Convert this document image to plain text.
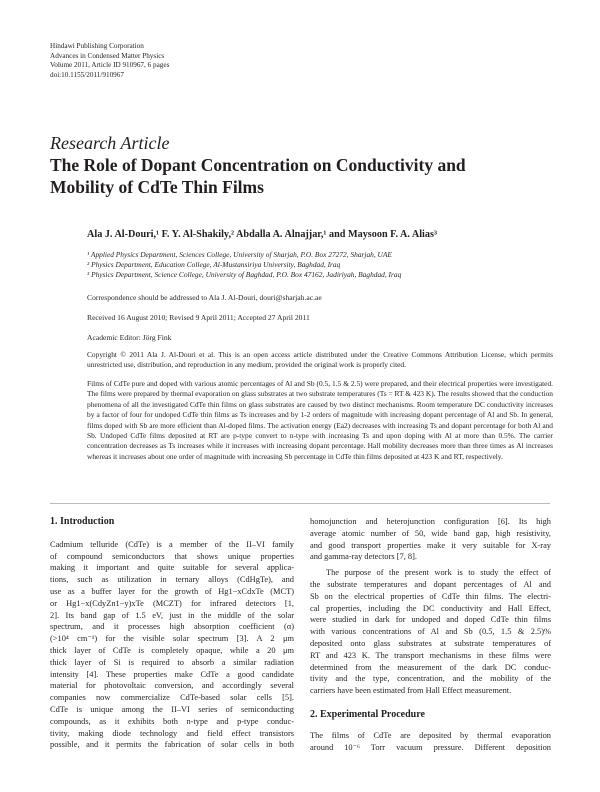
Hindawi Publishing Corporation
Advances in Condensed Matter Physics
Volume 2011, Article ID 910967, 6 pages
doi:10.1155/2011/910967
Research Article
The Role of Dopant Concentration on Conductivity and
Mobility of CdTe Thin Films
Ala J. Al-Douri,¹ F. Y. Al-Shakily,² Abdalla A. Alnajjar,¹ and Maysoon F. A. Alias³
¹ Applied Physics Department, Sciences College, University of Sharjah, P.O. Box 27272, Sharjah, UAE
² Physics Department, Education College, Al-Mustansiriya University, Baghdad, Iraq
³ Physics Department, Science College, University of Baghdad, P.O. Box 47162, Jadiriyah, Baghdad, Iraq
Correspondence should be addressed to Ala J. Al-Douri, douri@sharjah.ac.ae
Received 16 August 2010; Revised 9 April 2011; Accepted 27 April 2011
Academic Editor: Jörg Fink
Copyright © 2011 Ala J. Al-Douri et al. This is an open access article distributed under the Creative Commons Attribution License, which permits unrestricted use, distribution, and reproduction in any medium, provided the original work is properly cited.
Films of CdTe pure and doped with various atomic percentages of Al and Sb (0.5, 1.5 & 2.5) were prepared, and their electrical properties were investigated. The films were prepared by thermal evaporation on glass substrates at two substrate temperatures (Ts = RT & 423 K). The results showed that the conduction phenomena of all the investigated CdTe thin films on glass substrates are caused by two distinct mechanisms. Room temperature DC conductivity increases by a factor of four for undoped CdTe thin films as Ts increases and by 1-2 orders of magnitude with increasing dopant percentage of Al and Sb. In general, films doped with Sb are more efficient than Al-doped films. The activation energy (Ea2) decreases with increasing Ts and dopant percentage for both Al and Sb. Undoped CdTe films deposited at RT are p-type convert to n-type with increasing Ts and upon doping with Al at more than 0.5%. The carrier concentration decreases as Ts increases while it increases with increasing dopant percentage. Hall mobility decreases more than three times as Al increases whereas it increases about one order of magnitude with increasing Sb percentage in CdTe thin films deposited at 423 K and RT, respectively.
1. Introduction
Cadmium telluride (CdTe) is a member of the II–VI family
of compound semiconductors that shows unique properties
making it important and quite suitable for several applica-
tions, such as utilization in ternary alloys (CdHgTe), and
use as a buffer layer for the growth of Hg1−xCdxTe (MCT)
or Hg1−x(CdyZn1−y)xTe (MCZT) for infrared detectors [1,
2]. Its band gap of 1.5 eV, just in the middle of the solar
spectrum, and it processes high absorption coefficient (α)
(>10⁴ cm⁻¹) for the visible solar spectrum [3]. A 2 μm
thick layer of CdTe is completely opaque, while a 20 μm
thick layer of Si is required to absorb a similar radiation
intensity [4]. These properties make CdTe a good candidate
material for photovoltaic conversion, and accordingly several
companies now commercialize CdTe-based solar cells [5].
CdTe is unique among the II–VI series of semiconducting
compounds, as it exhibits both n-type and p-type conduc-
tivity, making diode technology and field effect transistors
possible, and it permits the fabrication of solar cells in both
homojunction and heterojunction configuration [6]. Its high
average atomic number of 50, wide band gap, high resistivity,
and good transport properties make it very suitable for X-ray
and gamma-ray detectors [7, 8].
The purpose of the present work is to study the effect of
the substrate temperatures and dopant percentages of Al and
Sb on the electrical properties of CdTe thin films. The electri-
cal properties, including the DC conductivity and Hall Effect,
were studied in dark for undoped and doped CdTe thin films
with various concentrations of Al and Sb (0.5, 1.5 & 2.5)%
deposited onto glass substrates at substrate temperatures of
RT and 423 K. The transport mechanisms in these films were
determined from the measurement of the dark DC conduc-
tivity and the type, concentration, and the mobility of the
carriers have been estimated from Hall Effect measurement.
2. Experimental Procedure
The films of CdTe are deposited by thermal evaporation
around 10⁻⁶ Torr vacuum pressure. Different deposition
